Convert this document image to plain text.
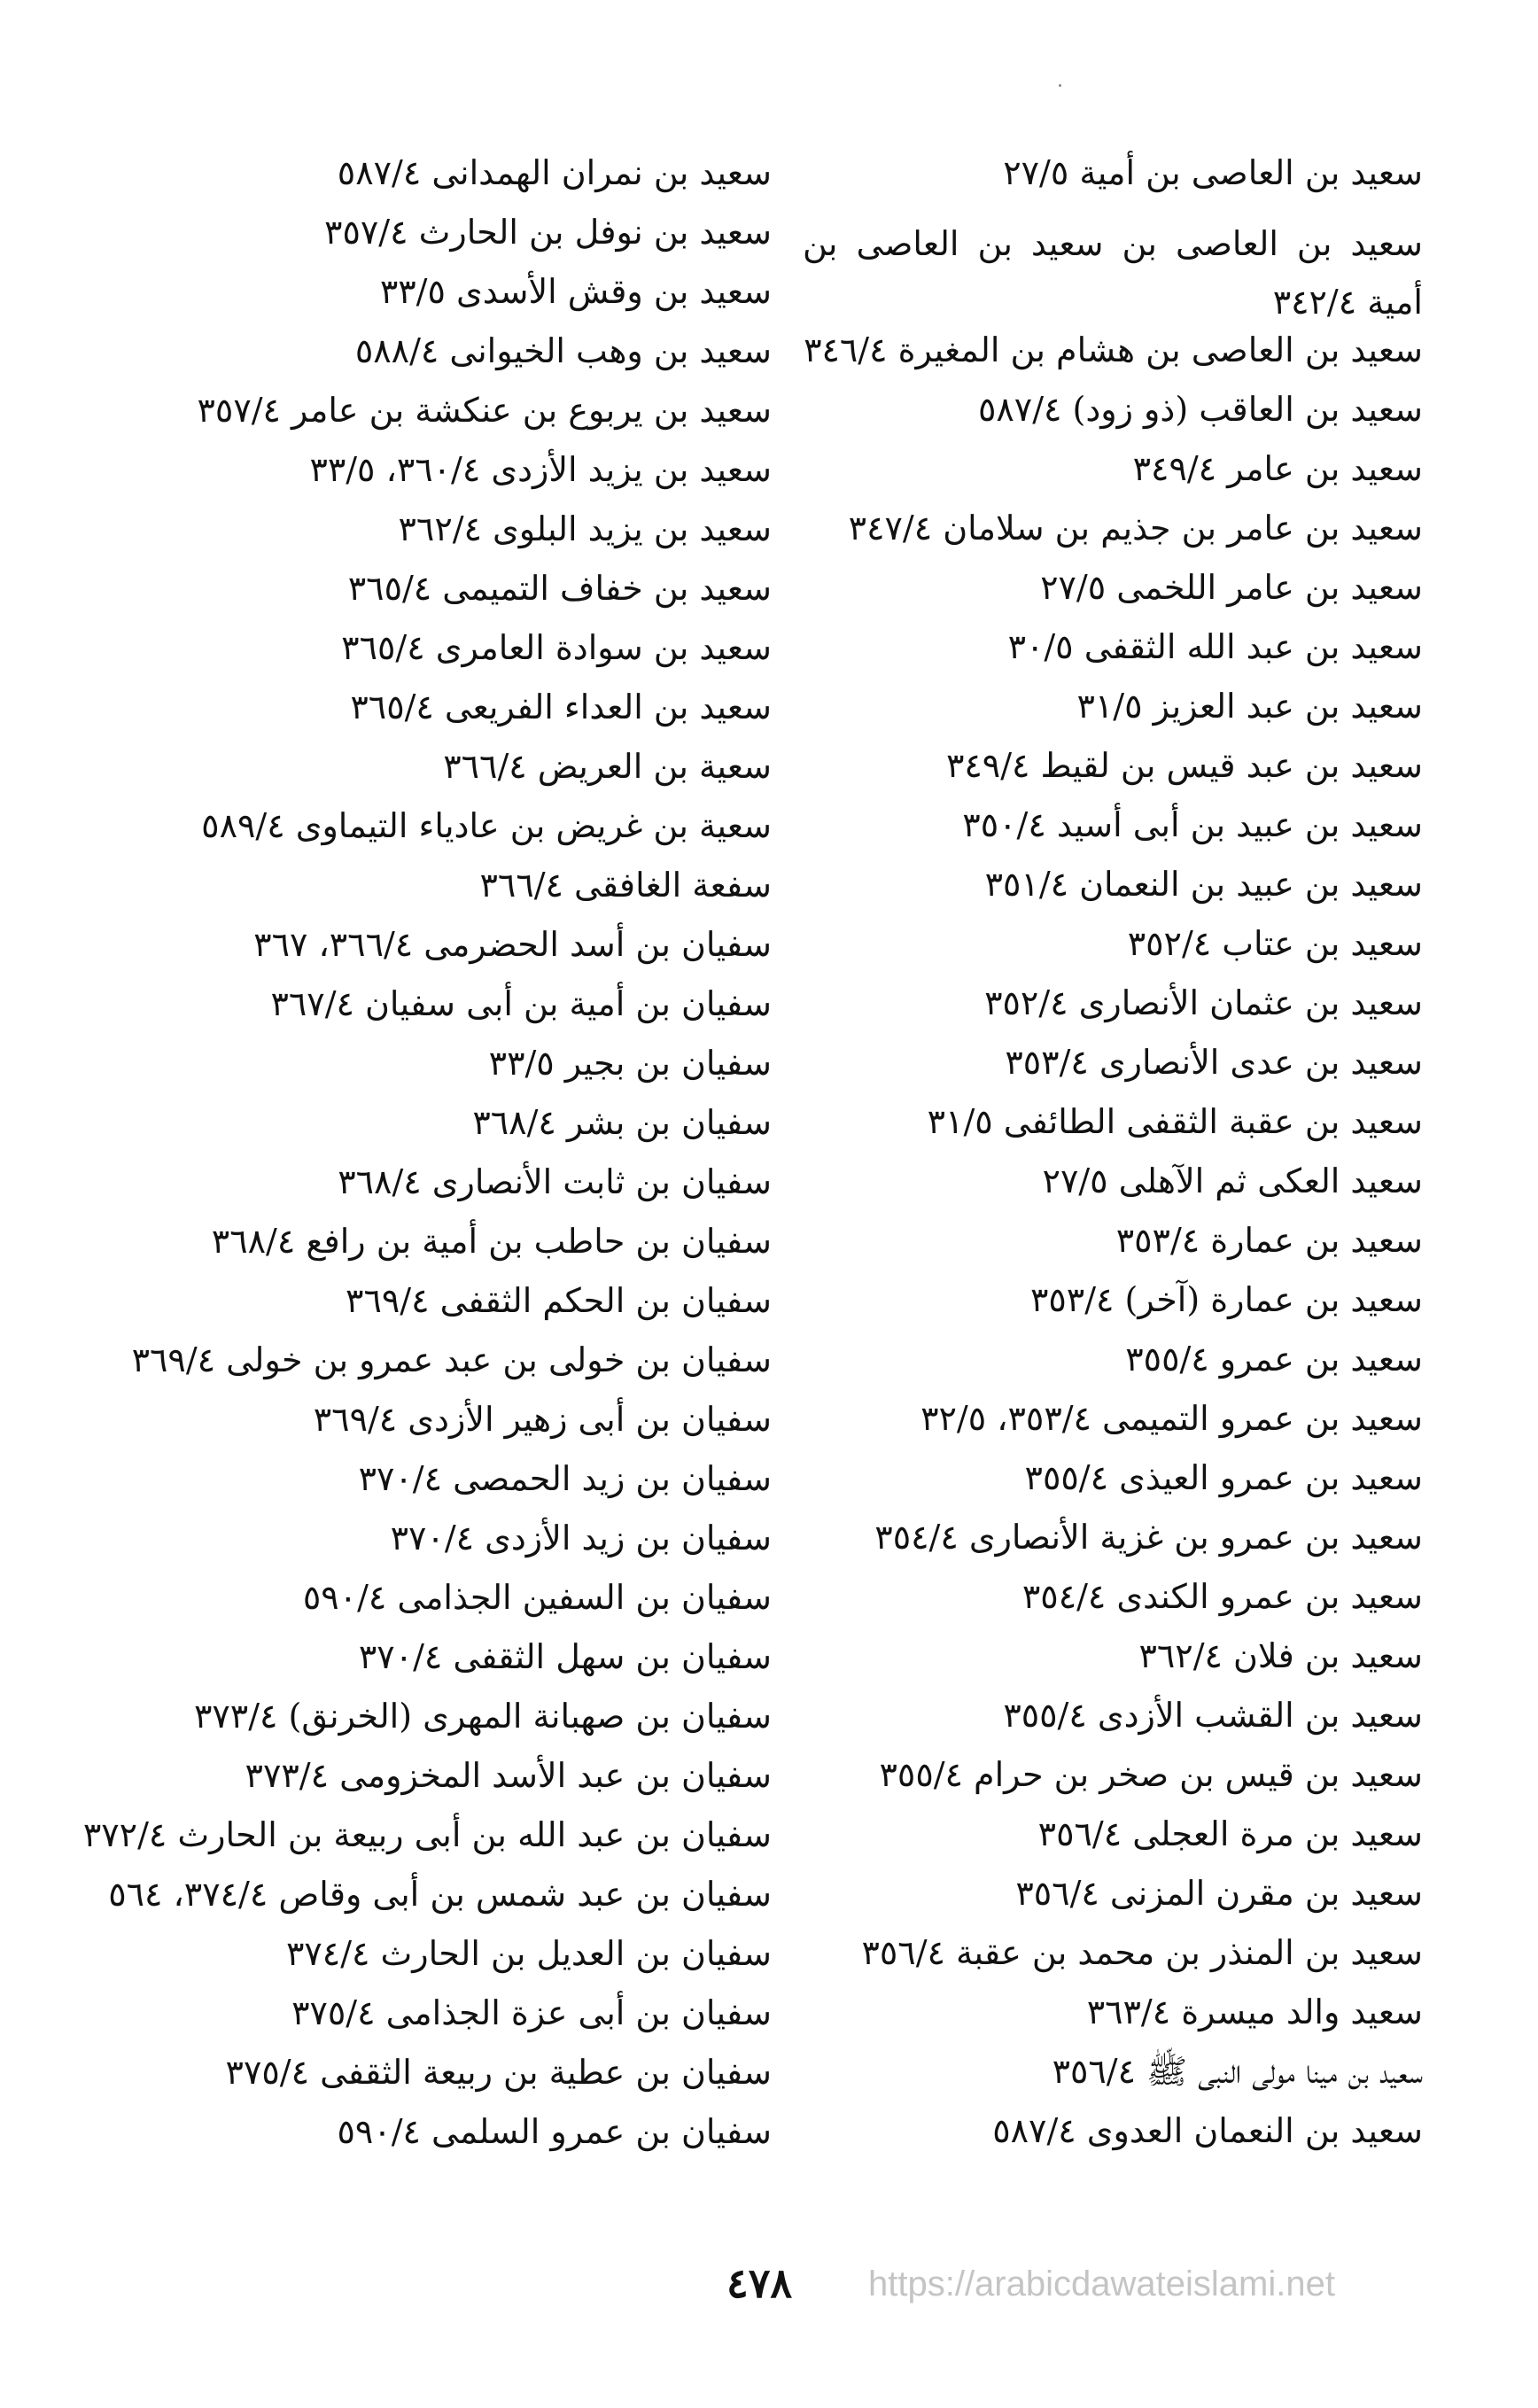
سعيد بن العاصى بن أمية ٢٧/٥
سعيد بن العاصى بن سعيد بن العاصى بن أمية ٣٤٢/٤
سعيد بن العاصى بن هشام بن المغيرة ٣٤٦/٤
سعيد بن العاقب (ذو زود) ٥٨٧/٤
سعيد بن عامر ٣٤٩/٤
سعيد بن عامر بن جذيم بن سلامان ٣٤٧/٤
سعيد بن عامر اللخمى ٢٧/٥
سعيد بن عبد الله الثقفى ٣٠/٥
سعيد بن عبد العزيز ٣١/٥
سعيد بن عبد قيس بن لقيط ٣٤٩/٤
سعيد بن عبيد بن أبى أسيد ٣٥٠/٤
سعيد بن عبيد بن النعمان ٣٥١/٤
سعيد بن عتاب ٣٥٢/٤
سعيد بن عثمان الأنصارى ٣٥٢/٤
سعيد بن عدى الأنصارى ٣٥٣/٤
سعيد بن عقبة الثقفى الطائفى ٣١/٥
سعيد العكى ثم الآهلى ٢٧/٥
سعيد بن عمارة ٣٥٣/٤
سعيد بن عمارة (آخر) ٣٥٣/٤
سعيد بن عمرو ٣٥٥/٤
سعيد بن عمرو التميمى ٣٥٣/٤، ٣٢/٥
سعيد بن عمرو العيذى ٣٥٥/٤
سعيد بن عمرو بن غزية الأنصارى ٣٥٤/٤
سعيد بن عمرو الكندى ٣٥٤/٤
سعيد بن فلان ٣٦٢/٤
سعيد بن القشب الأزدى ٣٥٥/٤
سعيد بن قيس بن صخر بن حرام ٣٥٥/٤
سعيد بن مرة العجلى ٣٥٦/٤
سعيد بن مقرن المزنى ٣٥٦/٤
سعيد بن المنذر بن محمد بن عقبة ٣٥٦/٤
سعيد والد ميسرة ٣٦٣/٤
سعيد بن مينا مولى النبى ﷺ ٣٥٦/٤
سعيد بن النعمان العدوى ٥٨٧/٤
سعيد بن نمران الهمدانى ٥٨٧/٤
سعيد بن نوفل بن الحارث ٣٥٧/٤
سعيد بن وقش الأسدى ٣٣/٥
سعيد بن وهب الخيوانى ٥٨٨/٤
سعيد بن يربوع بن عنكشة بن عامر ٣٥٧/٤
سعيد بن يزيد الأزدى ٣٦٠/٤، ٣٣/٥
سعيد بن يزيد البلوى ٣٦٢/٤
سعيد بن خفاف التميمى ٣٦٥/٤
سعيد بن سوادة العامرى ٣٦٥/٤
سعيد بن العداء الفريعى ٣٦٥/٤
سعية بن العريض ٣٦٦/٤
سعية بن غريض بن عادياء التيماوى ٥٨٩/٤
سفعة الغافقى ٣٦٦/٤
سفيان بن أسد الحضرمى ٣٦٦/٤، ٣٦٧
سفيان بن أمية بن أبى سفيان ٣٦٧/٤
سفيان بن بجير ٣٣/٥
سفيان بن بشر ٣٦٨/٤
سفيان بن ثابت الأنصارى ٣٦٨/٤
سفيان بن حاطب بن أمية بن رافع ٣٦٨/٤
سفيان بن الحكم الثقفى ٣٦٩/٤
سفيان بن خولى بن عبد عمرو بن خولى ٣٦٩/٤
سفيان بن أبى زهير الأزدى ٣٦٩/٤
سفيان بن زيد الحمصى ٣٧٠/٤
سفيان بن زيد الأزدى ٣٧٠/٤
سفيان بن السفين الجذامى ٥٩٠/٤
سفيان بن سهل الثقفى ٣٧٠/٤
سفيان بن صهبانة المهرى (الخرنق) ٣٧٣/٤
سفيان بن عبد الأسد المخزومى ٣٧٣/٤
سفيان بن عبد الله بن أبى ربيعة بن الحارث ٣٧٢/٤
سفيان بن عبد شمس بن أبى وقاص ٣٧٤/٤، ٥٦٤
سفيان بن العديل بن الحارث ٣٧٤/٤
سفيان بن أبى عزة الجذامى ٣٧٥/٤
سفيان بن عطية بن ربيعة الثقفى ٣٧٥/٤
سفيان بن عمرو السلمى ٥٩٠/٤
٤٧٨ https://arabicdawateislami.net
